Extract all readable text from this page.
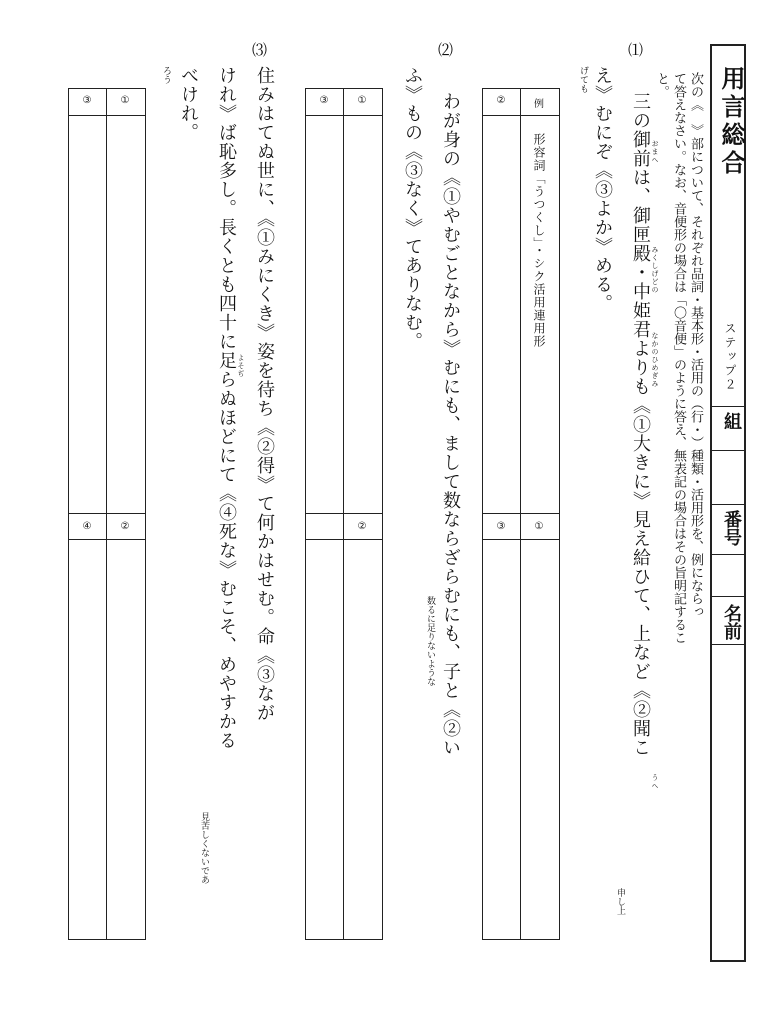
用言総合
ステップ２
組
番号
名前
次の《　》部について、それぞれ品詞・基本形・活用の（行・）種類・活用形を、例にならっ
て答えなさい。なお、音便形の場合は「〇音便」のように答え、無表記の場合はその旨明記するこ
と。
⑴
三の御前は、御匣殿・中姫君よりも《①大きに》見え給ひて、上など《②聞こ
え》むにぞ《③よか》める。	おまへ
みくしげどの
なかのひめぎみ
うへ
申し上
げても
例
②
①
③
形容詞「うつくし」・シク活用連用形
⑵
わが身の《①やむごとなから》むにも、まして数ならざらむにも、子と《②い
ふ》もの《③なく》てありなむ。
数るに足りないような
①
③
②
⑶
住みはてぬ世に、《①みにくき》姿を待ち《②得》て何かはせむ。命《③なが
けれ》ば恥多し。長くとも四十に足らぬほどにて《④死な》むこそ、めやすかる
べけれ。
よそぢ
見苦しくないであ
ろう
①
③
②
④
